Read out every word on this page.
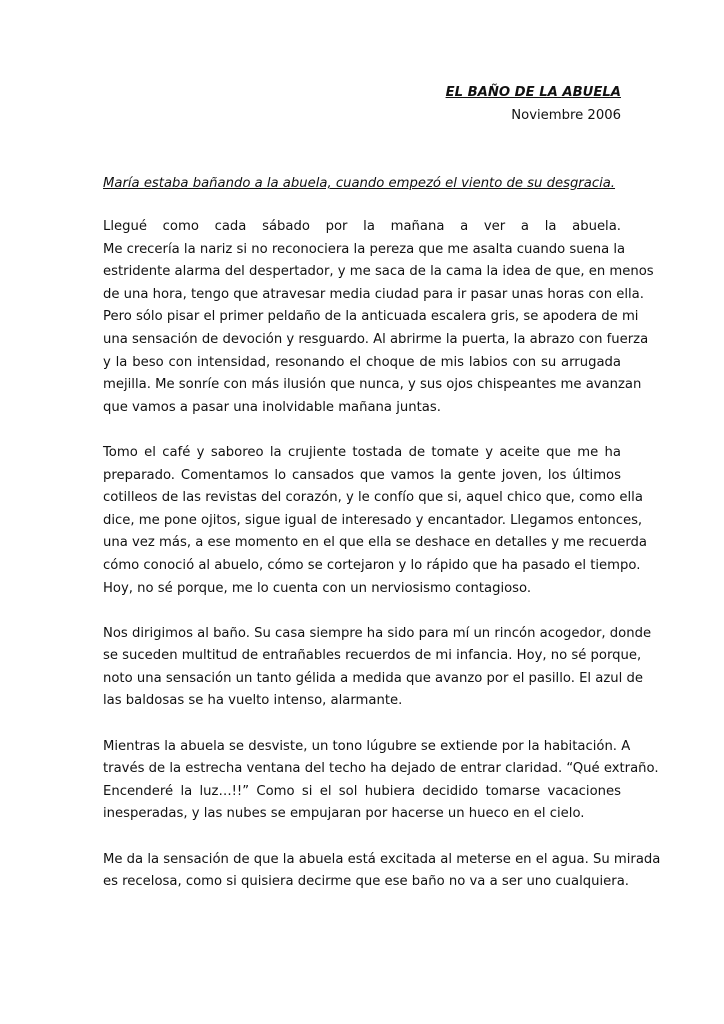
EL BAÑO DE LA ABUELA
Noviembre 2006
María estaba bañando a la abuela, cuando empezó el viento de su desgracia.
Llegué como cada sábado por la mañana a ver a la abuela.
Me crecería la nariz si no reconociera la pereza que me asalta cuando suena la
estridente alarma del despertador, y me saca de la cama la idea de que, en menos
de una hora, tengo que atravesar media ciudad para ir pasar unas horas con ella.
Pero sólo pisar el primer peldaño de la anticuada escalera gris, se apodera de mi
una sensación de devoción y resguardo. Al abrirme la puerta, la abrazo con fuerza
y la beso con intensidad, resonando el choque de mis labios con su arrugada
mejilla. Me sonríe con más ilusión que nunca, y sus ojos chispeantes me avanzan
que vamos a pasar una inolvidable mañana juntas.
Tomo el café y saboreo la crujiente tostada de tomate y aceite que me ha
preparado. Comentamos lo cansados que vamos la gente joven, los últimos
cotilleos de las revistas del corazón, y le confío que si, aquel chico que, como ella
dice, me pone ojitos, sigue igual de interesado y encantador. Llegamos entonces,
una vez más, a ese momento en el que ella se deshace en detalles y me recuerda
cómo conoció al abuelo, cómo se cortejaron y lo rápido que ha pasado el tiempo.
Hoy, no sé porque, me lo cuenta con un nerviosismo contagioso.
Nos dirigimos al baño. Su casa siempre ha sido para mí un rincón acogedor, donde
se suceden multitud de entrañables recuerdos de mi infancia. Hoy, no sé porque,
noto una sensación un tanto gélida a medida que avanzo por el pasillo. El azul de
las baldosas se ha vuelto intenso, alarmante.
Mientras la abuela se desviste, un tono lúgubre se extiende por la habitación. A
través de la estrecha ventana del techo ha dejado de entrar claridad. “Qué extraño.
Encenderé la luz…!!” Como si el sol hubiera decidido tomarse vacaciones
inesperadas, y las nubes se empujaran por hacerse un hueco en el cielo.
Me da la sensación de que la abuela está excitada al meterse en el agua. Su mirada
es recelosa, como si quisiera decirme que ese baño no va a ser uno cualquiera.
